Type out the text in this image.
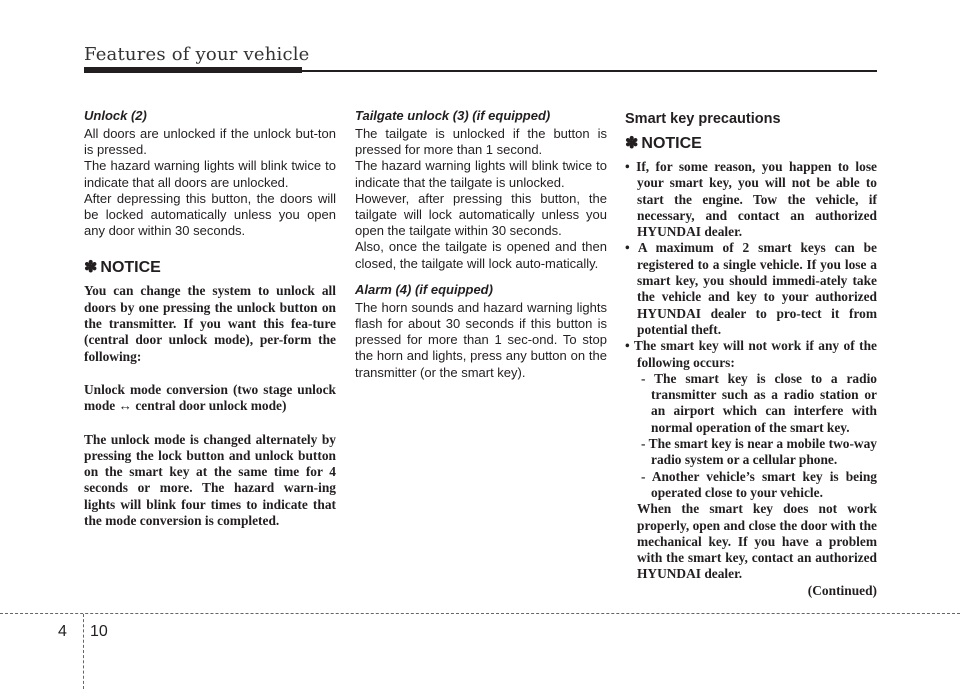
Features of your vehicle
Unlock (2)

All doors are unlocked if the unlock but-ton is pressed.

The hazard warning lights will blink twice to indicate that all doors are unlocked.

After depressing this button, the doors will be locked automatically unless you open any door within 30 seconds.

✽ NOTICE

You can change the system to unlock all doors by one pressing the unlock button on the transmitter. If you want this fea-ture (central door unlock mode), per-form the following:

Unlock mode conversion (two stage unlock mode ↔ central door unlock mode)

The unlock mode is changed alternately by pressing the lock button and unlock button on the smart key at the same time for 4 seconds or more. The hazard warn-ing lights will blink four times to indicate that the mode conversion is completed.

Tailgate unlock (3) (if equipped)

The tailgate is unlocked if the button is pressed for more than 1 second.

The hazard warning lights will blink twice to indicate that the tailgate is unlocked.

However, after pressing this button, the tailgate will lock automatically unless you open the tailgate within 30 seconds.

Also, once the tailgate is opened and then closed, the tailgate will lock auto-matically.

Alarm (4) (if equipped)

The horn sounds and hazard warning lights flash for about 30 seconds if this button is pressed for more than 1 sec-ond. To stop the horn and lights, press any button on the transmitter (or the smart key).

Smart key precautions
✽ NOTICE
• If, for some reason, you happen to lose your smart key, you will not be able to start the engine. Tow the vehicle, if necessary, and contact an authorized HYUNDAI dealer.
• A maximum of 2 smart keys can be registered to a single vehicle. If you lose a smart key, you should immedi-ately take the vehicle and key to your authorized HYUNDAI dealer to pro-tect it from potential theft.
• The smart key will not work if any of the following occurs:
- The smart key is close to a radio transmitter such as a radio station or an airport which can interfere with normal operation of the smart key.
- The smart key is near a mobile two-way radio system or a cellular phone.
- Another vehicle’s smart key is being operated close to your vehicle.

When the smart key does not work properly, open and close the door with the mechanical key. If you have a problem with the smart key, contact an authorized HYUNDAI dealer.

(Continued)

4 10
